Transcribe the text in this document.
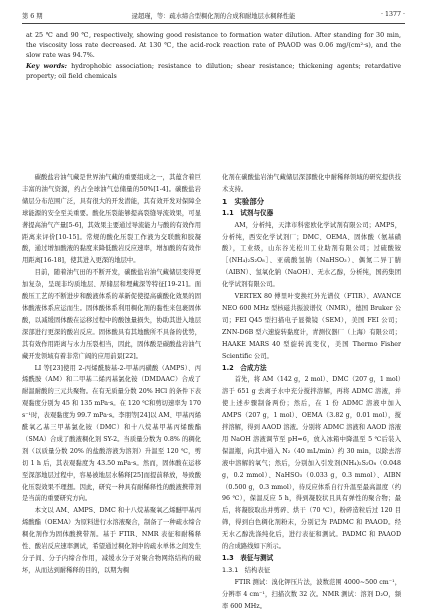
第 6 期	逯超瑾，等：疏水缔合型稠化剂的合成和耐地层水稠释性能	· 1377 ·

at 25 ℃ and 90 ℃, respectively, showing good resistance to formation water dilution. After standing for 30 min, the viscosity loss rate decreased. At 130 ℃, the acid-rock reaction rate of PAAOD was 0.06 mg/(cm²·s), and the slow rate was 94.7%.

Key words: hydrophobic association; resistance to dilution; shear resistance; thickening agents; retardative property; oil field chemicals

碳酸盐岩油气藏是世界油气藏的重要组成之一，其蕴含着巨丰富的油气资源，约占全球油气总储量的50%[1-4]。碳酸盐岩储层分布范围广泛，具有很大的开发潜能，其有效开发对保障全球能源的安全至关重要。酸化压裂能够提高裂缝导流效果，可显著提高油气产量[5-6]，其效果主要通过导流能力与酸的有效作用距离来评价[10-15]。常规的酸化压裂工作液为交联酸和胶凝酸，通过增加酸液的黏度来降低酸岩反应速率，增加酸的有效作用距离[16-18]，使其进入更深的地层中。

目前，随着油气田的不断开发，碳酸盐岩油气藏储层变得更加复杂，呈现非均质地层、厚储层和埋藏深等特征[19-21]。面酸压工艺的不断进步和酸液体系的革新促使提高碳酸化效果的固体酸液体系应运而生。固体酸体系利用稠化剂的黏性来包裹固体酸，以减缓固体酸在运移过程中的酸蚀量损失，协助其进入地层深部进行更深的酸岩反应。固体酸具有其地酸所不具备的优势，其有效作用距离与水力压裂相当，因此，固体酸是碳酸盐岩油气藏开发领域有着非常广阔的应用前景[22]。

LI 等[23]使用 2-丙烯酰胺基-2-甲基丙磺酸（AMPS）、丙烯酰胺（AM）和二甲基二烯丙基氯化铵（DMDAAC）合成了耐温耐酸的三元共聚物。在有无质量分数 20% HCl 的条件下表观黏度分别为 45 和 135 mPa·s。在 120 ℃和剪切速率为 170 s⁻¹时，表观黏度为 99.7 mPa·s。李朋等[24]以 AM、甲基丙烯酰氧乙基三甲基氯化铵（DMC）和十八烷基甲基丙烯酸酯（SMA）合成了酸液稠化剂 SY-2。当质量分数为 0.8% 的稠化剂（以质量分数 20% 的盐酸溶液为溶剂）升温至 120 ℃，剪切 1 h 后，其表观黏度为 43.50 mPa·s。然而，固体酸在运移至深部地层过程中，容易被地层水稀释[25]而提前释放，导致酸化压裂效果不理想。因此，研究一种具有耐稀释性的酸液携带剂是当前的重要研究方向。

本文以 AM、AMPS、DMC 和十八烷基聚氧乙烯醚甲基丙烯酸酯（OEMA）为原料进行水溶液聚合，制备了一种疏水缔合稠化剂作为固体酸携带剂。基于 FTIR、NMR 表征和耐稀释性、酸岩反应速率测试，希望通过稠化剂中的疏水单体之间发生分子间、分子内缔合作用，减缓水分子对聚合物网络结构的破坏，从而达到耐稀释的目的，以期为稠

化剂在碳酸盐岩油气藏储层深部酸化中耐稀释领域的研究提供技术支持。

1　实验部分

1.1　试剂与仪器

AM，分析纯，天津市科密欧化学试剂有限公司；AMPS，分析纯，西安化学试剂厂；DMC、OEMA、固体酸（氨基磺酸），工业级，山东谷光松川工业助剂有限公司；过硫酸铵［(NH₄)₂S₂O₈］、亚硫酸氢钠（NaHSO₃）、偶氮二异丁腈（AIBN）、氢氧化钠（NaOH）、无水乙醇，分析纯，国药集团化学试剂有限公司。

VERTEX 80 傅里叶变换红外光谱仪（FTIR）、AVANCE NEO 600 MHz 型核磁共振波谱仪（NMR），德国 Bruker 公司；FEI Q45 型扫描电子显微镜（SEM），美国 FEI 公司；ZNN-D6B 型六速旋转黏度计，青测仪器厂（上海）有限公司；HAAKE MARS 40 型旋转流变仪，美国 Thermo Fisher Scientific 公司。

1.2　合成方法

首先，将 AM（142 g，2 mol）、DMC（207 g，1 mol）溶于 651 g 去离子水中充分搅拌溶解，再将 ADMC 溶液，并使上述步骤制备两份；然后，在 1 份 ADMC 溶液中加入 AMPS（207 g，1 mol）、OEMA（3.82 g，0.01 mol），搅拌溶解，得到 AAOD 溶液。分别将 ADMC 溶液和 AAOD 溶液用 NaOH 溶液调节至 pH=6，放入冰箱中降温至 5 ℃后装入保温瓶，向其中通入 N₂（40 mL/min）约 30 min，以除去溶液中溶解的氧气；然后，分别加入引发剂(NH₄)₂S₂O₈（0.048 g，0.2 mmol）、NaHSO₃（0.033 g，0.3 mmol）、AIBN（0.500 g，0.3 mmol），待反应体系自行升温至最高温度（约 96 ℃），保温反应 5 h，得到凝胶状且具有弹性的聚合物；最后，将凝胶取出并剪碎、烘干（70 ℃），粉碎造粒后过 120 目筛，得到白色稠化剂粉末，分别记为 PADMC 和 PAAOD。经无水乙醇洗涤纯化后，进行表征和测试。PADMC 和 PAAOD 的合成路线如下所示。

1.3　表征与测试

1.3.1　结构表征

FTIR 测试：溴化钾压片法，波数范围 4000~500 cm⁻¹，分辨率 4 cm⁻¹，扫描次数 32 次。NMR 测试：溶剂 D₂O，频率 600 MHz。
